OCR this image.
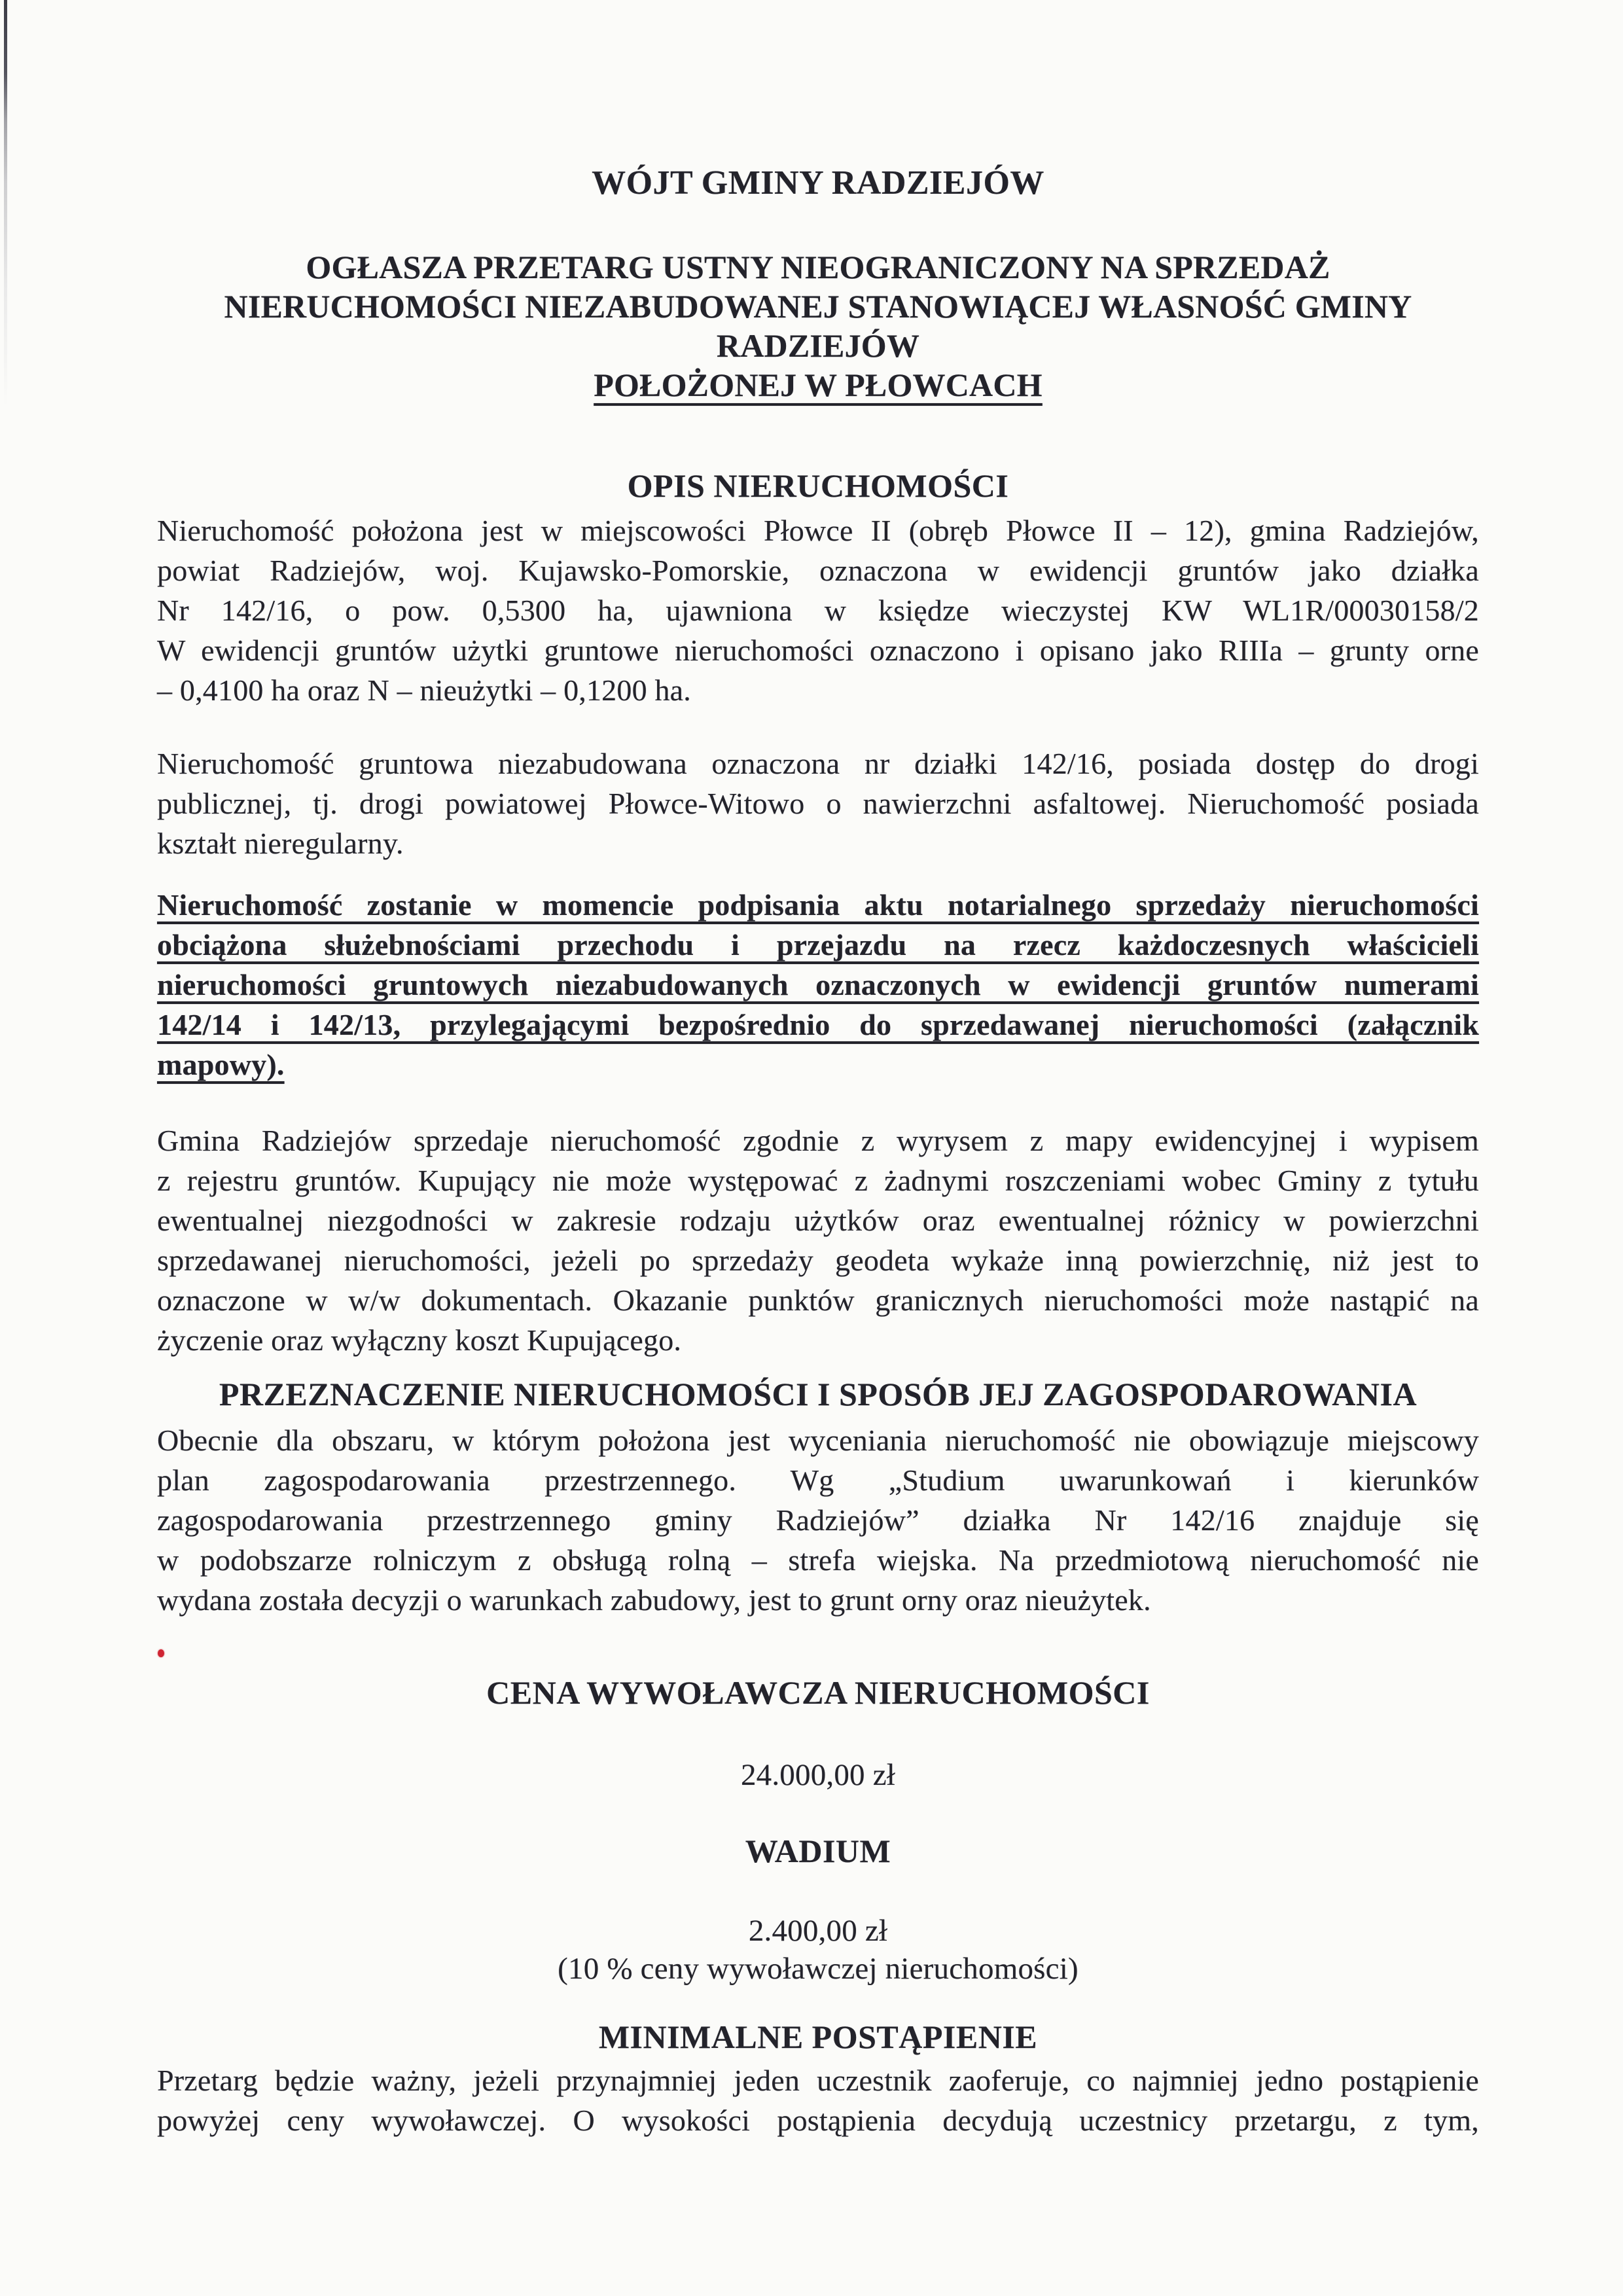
WÓJT GMINY RADZIEJÓW
OGŁASZA PRZETARG USTNY NIEOGRANICZONY NA SPRZEDAŻ
NIERUCHOMOŚCI NIEZABUDOWANEJ STANOWIĄCEJ WŁASNOŚĆ GMINY
RADZIEJÓW
POŁOŻONEJ W PŁOWCACH
OPIS NIERUCHOMOŚCI
Nieruchomość położona jest w miejscowości Płowce II (obręb Płowce II – 12), gmina Radziejów,
powiat Radziejów, woj. Kujawsko-Pomorskie, oznaczona w ewidencji gruntów jako działka
Nr 142/16, o pow. 0,5300 ha, ujawniona w księdze wieczystej KW WL1R/00030158/2
W ewidencji gruntów użytki gruntowe nieruchomości oznaczono i opisano jako RIIIa – grunty orne
– 0,4100 ha oraz N – nieużytki – 0,1200 ha.
Nieruchomość gruntowa niezabudowana oznaczona nr działki 142/16, posiada dostęp do drogi
publicznej, tj. drogi powiatowej Płowce-Witowo o nawierzchni asfaltowej. Nieruchomość posiada
kształt nieregularny.
Nieruchomość zostanie w momencie podpisania aktu notarialnego sprzedaży nieruchomości
obciążona służebnościami przechodu i przejazdu na rzecz każdoczesnych właścicieli
nieruchomości gruntowych niezabudowanych oznaczonych w ewidencji gruntów numerami
142/14 i 142/13, przylegającymi bezpośrednio do sprzedawanej nieruchomości (załącznik
mapowy).
Gmina Radziejów sprzedaje nieruchomość zgodnie z wyrysem z mapy ewidencyjnej i wypisem
z rejestru gruntów. Kupujący nie może występować z żadnymi roszczeniami wobec Gminy z tytułu
ewentualnej niezgodności w zakresie rodzaju użytków oraz ewentualnej różnicy w powierzchni
sprzedawanej nieruchomości, jeżeli po sprzedaży geodeta wykaże inną powierzchnię, niż jest to
oznaczone w w/w dokumentach. Okazanie punktów granicznych nieruchomości może nastąpić na
życzenie oraz wyłączny koszt Kupującego.
PRZEZNACZENIE NIERUCHOMOŚCI I SPOSÓB JEJ ZAGOSPODAROWANIA
Obecnie dla obszaru, w którym położona jest wyceniania nieruchomość nie obowiązuje miejscowy
plan zagospodarowania przestrzennego. Wg „Studium uwarunkowań i kierunków
zagospodarowania przestrzennego gminy Radziejów” działka Nr 142/16 znajduje się
w podobszarze rolniczym z obsługą rolną – strefa wiejska. Na przedmiotową nieruchomość nie
wydana została decyzji o warunkach zabudowy, jest to grunt orny oraz nieużytek.
CENA WYWOŁAWCZA NIERUCHOMOŚCI
24.000,00 zł
WADIUM
2.400,00 zł
(10 % ceny wywoławczej nieruchomości)
MINIMALNE POSTĄPIENIE
Przetarg będzie ważny, jeżeli przynajmniej jeden uczestnik zaoferuje, co najmniej jedno postąpienie
powyżej ceny wywoławczej. O wysokości postąpienia decydują uczestnicy przetargu, z tym,
